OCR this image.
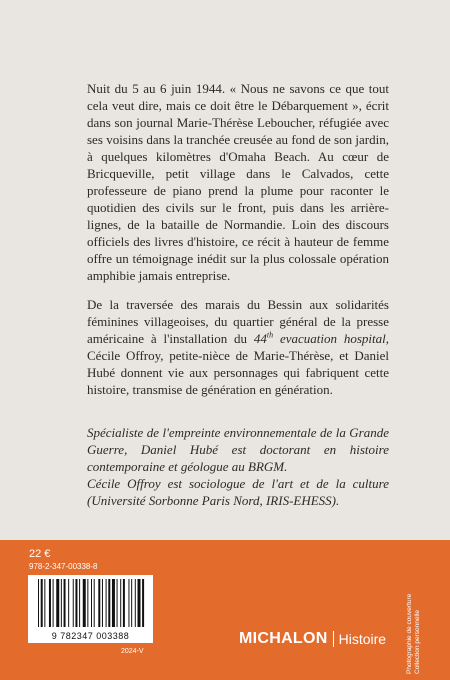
Nuit du 5 au 6 juin 1944. « Nous ne savons ce que tout cela veut dire, mais ce doit être le Débarquement », écrit dans son journal Marie-Thérèse Leboucher, réfugiée avec ses voisins dans la tranchée creusée au fond de son jardin, à quelques kilomètres d'Omaha Beach. Au cœur de Bricqueville, petit village dans le Calvados, cette professeure de piano prend la plume pour raconter le quotidien des civils sur le front, puis dans les arrière-lignes, de la bataille de Normandie. Loin des discours officiels des livres d'histoire, ce récit à hauteur de femme offre un témoignage inédit sur la plus colossale opération amphibie jamais entreprise.

De la traversée des marais du Bessin aux solidarités féminines villageoises, du quartier général de la presse américaine à l'installation du 44th evacuation hospital, Cécile Offroy, petite-nièce de Marie-Thérèse, et Daniel Hubé donnent vie aux personnages qui fabriquent cette histoire, transmise de génération en génération.

Spécialiste de l'empreinte environnementale de la Grande Guerre, Daniel Hubé est doctorant en histoire contemporaine et géologue au BRGM.
Cécile Offroy est sociologue de l'art et de la culture (Université Sorbonne Paris Nord, IRIS-EHESS).

22 €
978-2-347-00338-8
9 782347 003388
2024-V
MICHALON Histoire	Photographie de couverture Collection personnelle
